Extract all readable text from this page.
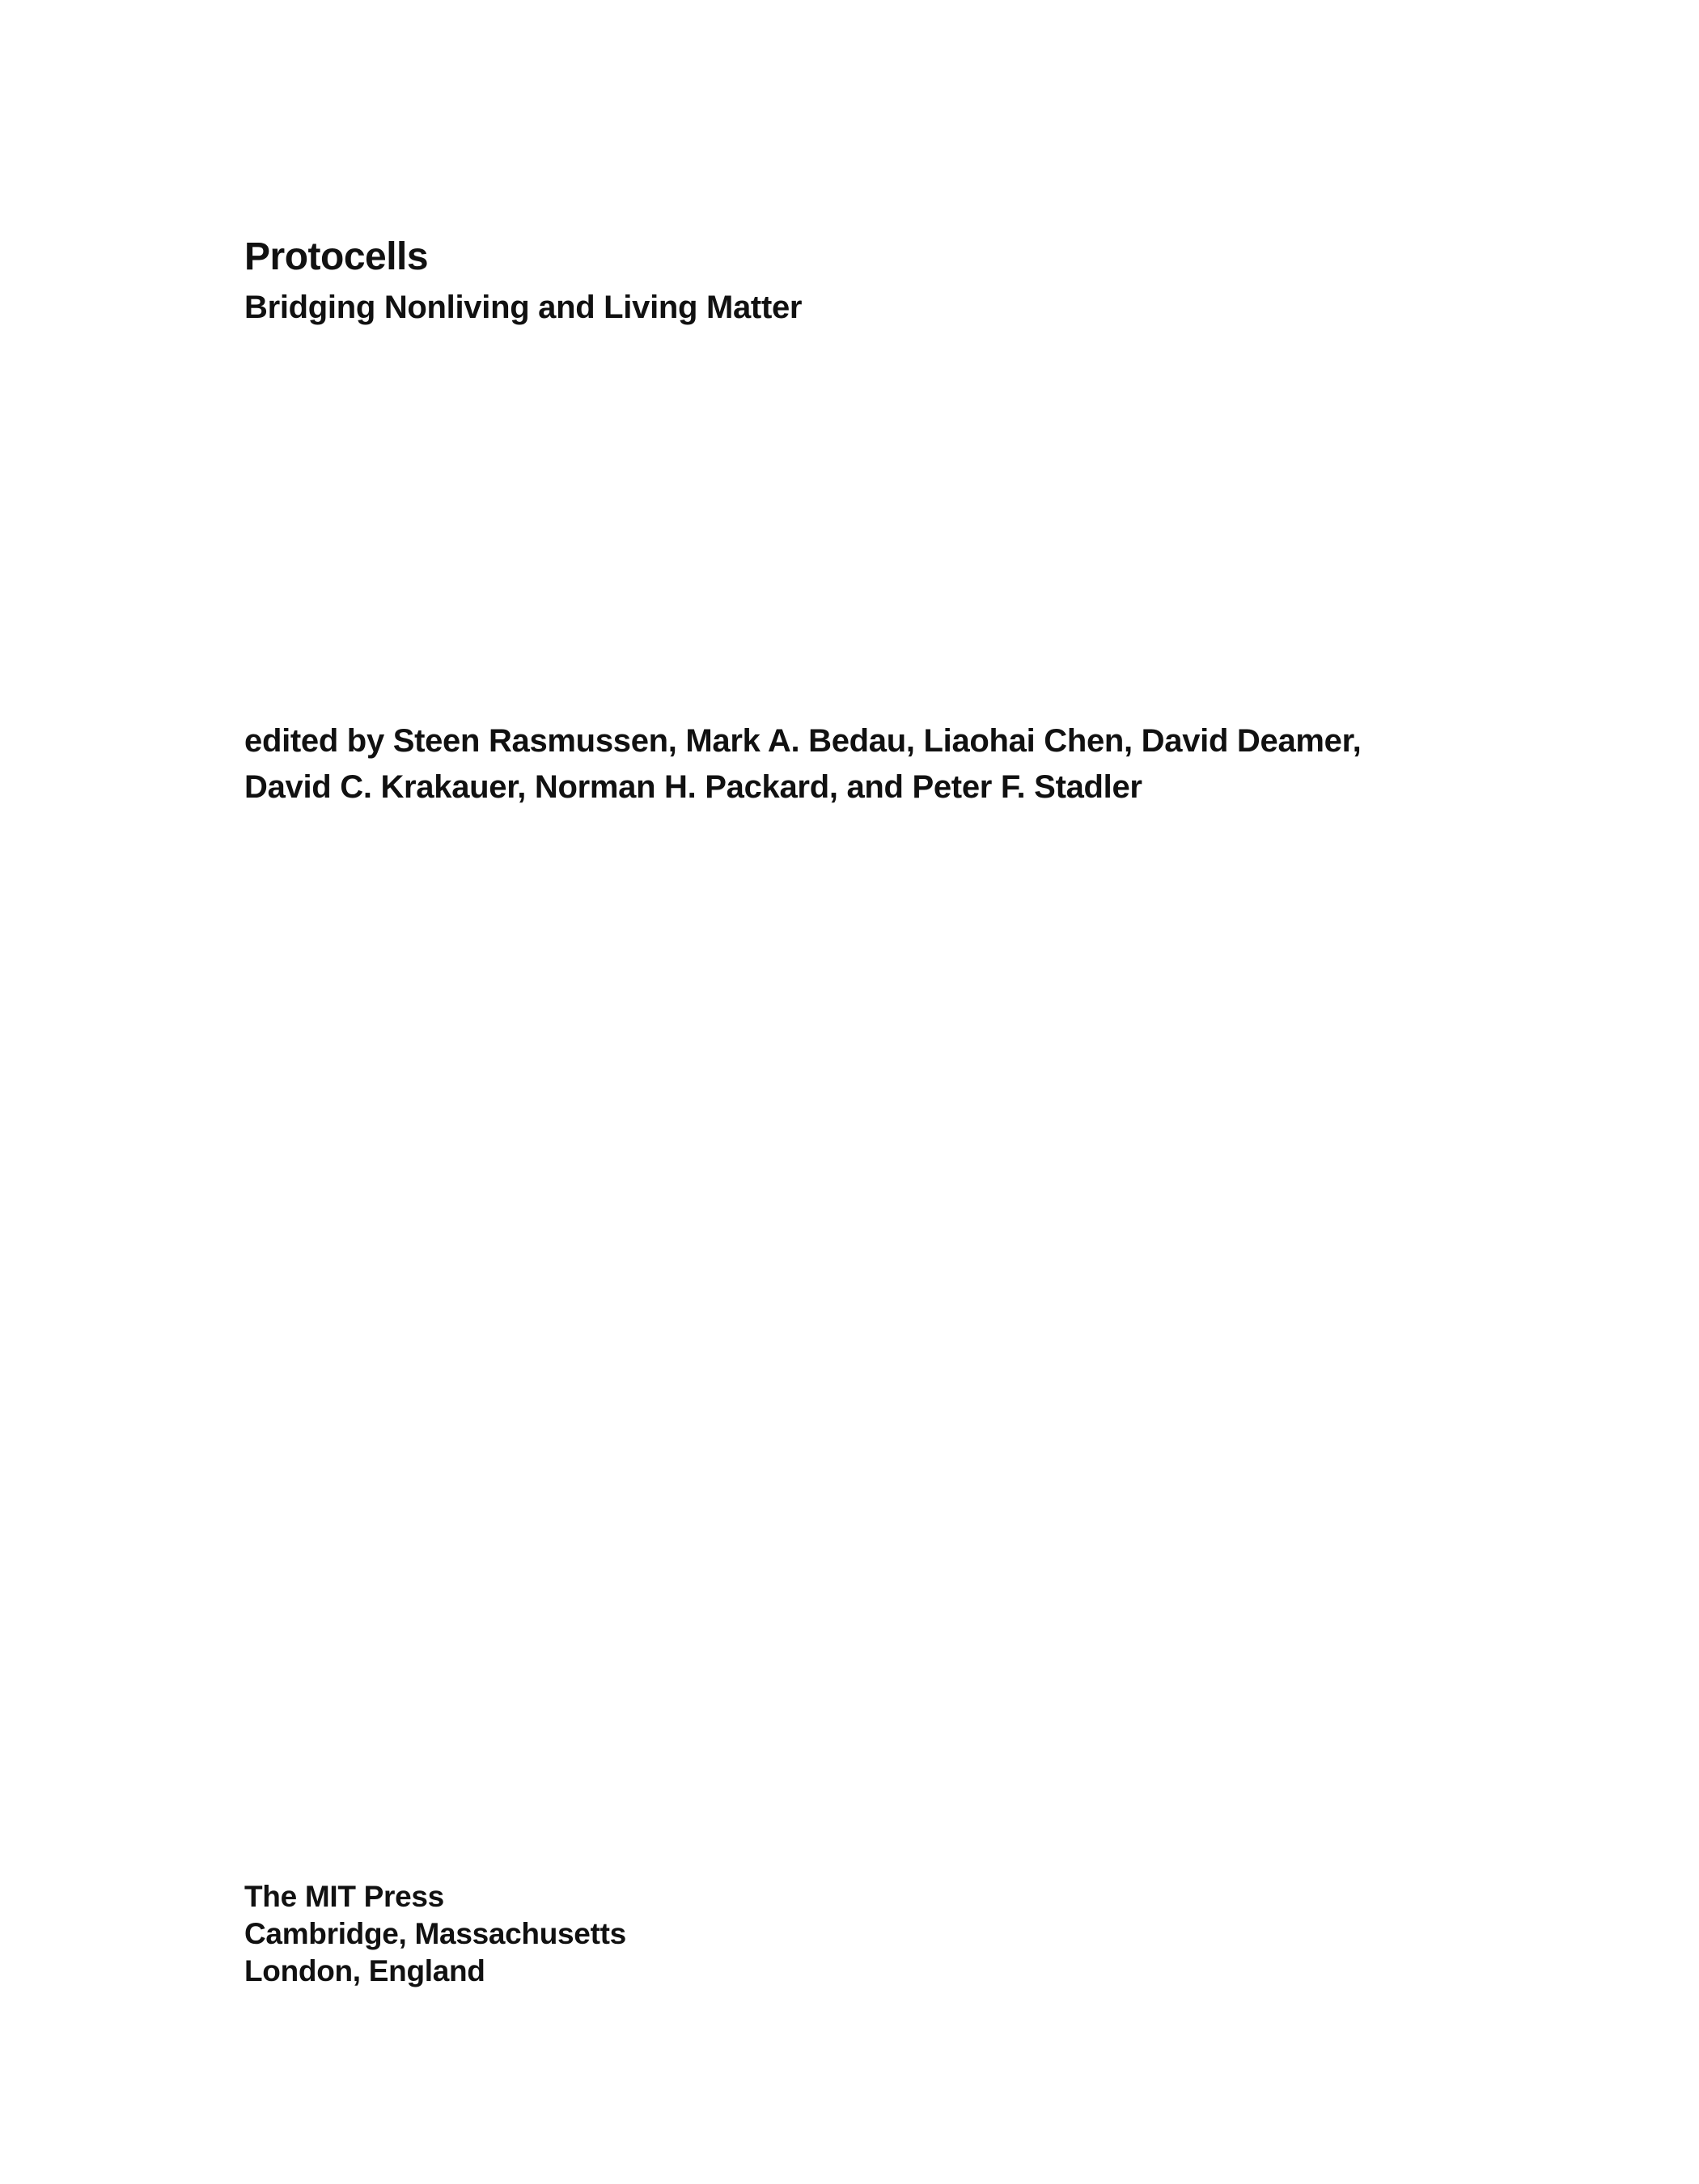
Protocells
Bridging Nonliving and Living Matter
edited by Steen Rasmussen, Mark A. Bedau, Liaohai Chen, David Deamer,
David C. Krakauer, Norman H. Packard, and Peter F. Stadler
The MIT Press
Cambridge, Massachusetts
London, England
